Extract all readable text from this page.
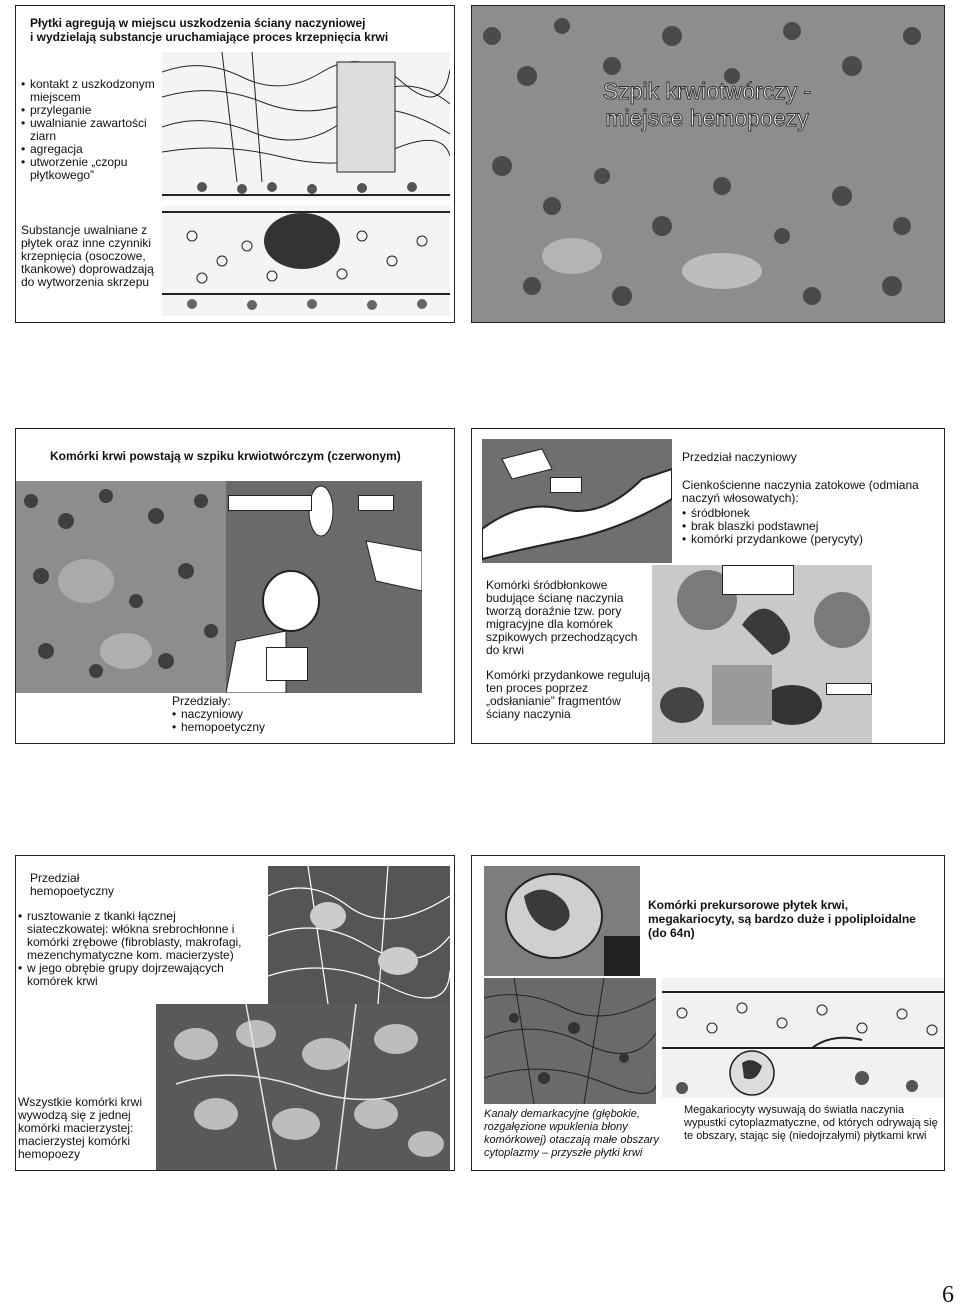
Płytki agregują w miejscu uszkodzenia ściany naczyniowej
i wydzielają substancje uruchamiające proces krzepnięcia krwi
• kontakt z uszkodzonym miejscem
• przyleganie
• uwalnianie zawartości ziarn
• agregacja
• utworzenie „czopu płytkowego”
Substancje uwalniane z płytek oraz inne czynniki krzepnięcia (osoczowe, tkankowe) doprowadzają do wytworzenia skrzepu
Szpik krwiotwórczy -
miejsce hemopoezy
Komórki krwi powstają w szpiku krwiotwórczym (czerwonym)
Przedziały:
• naczyniowy
• hemopoetyczny
Przedział naczyniowy
Cienkościenne naczynia zatokowe (odmiana naczyń włosowatych):
• śródbłonek
• brak blaszki podstawnej
• komórki przydankowe (perycyty)
Komórki śródbłonkowe budujące ścianę naczynia tworzą doraźnie tzw. pory migracyjne dla komórek szpikowych przechodzących do krwi
Komórki przydankowe regulują ten proces poprzez „odsłanianie” fragmentów ściany naczynia
Przedział
hemopoetyczny
• rusztowanie z tkanki łącznej siateczkowatej: włókna srebrochłonne i komórki zrębowe (fibroblasty, makrofagi, mezenchymatyczne kom. macierzyste)
• w jego obrębie grupy dojrzewających komórek krwi
Wszystkie komórki krwi wywodzą się z jednej komórki macierzystej: macierzystej komórki hemopoezy
Komórki prekursorowe płytek krwi, megakariocyty, są bardzo duże i ppoliploidalne (do 64n)
Kanały demarkacyjne (głębokie, rozgałęzione wpuklenia błony komórkowej) otaczają małe obszary cytoplazmy – przyszłe płytki krwi
Megakariocyty wysuwają do światła naczynia wypustki cytoplazmatyczne, od których odrywają się te obszary, stając się (niedojrzałymi) płytkami krwi
6
